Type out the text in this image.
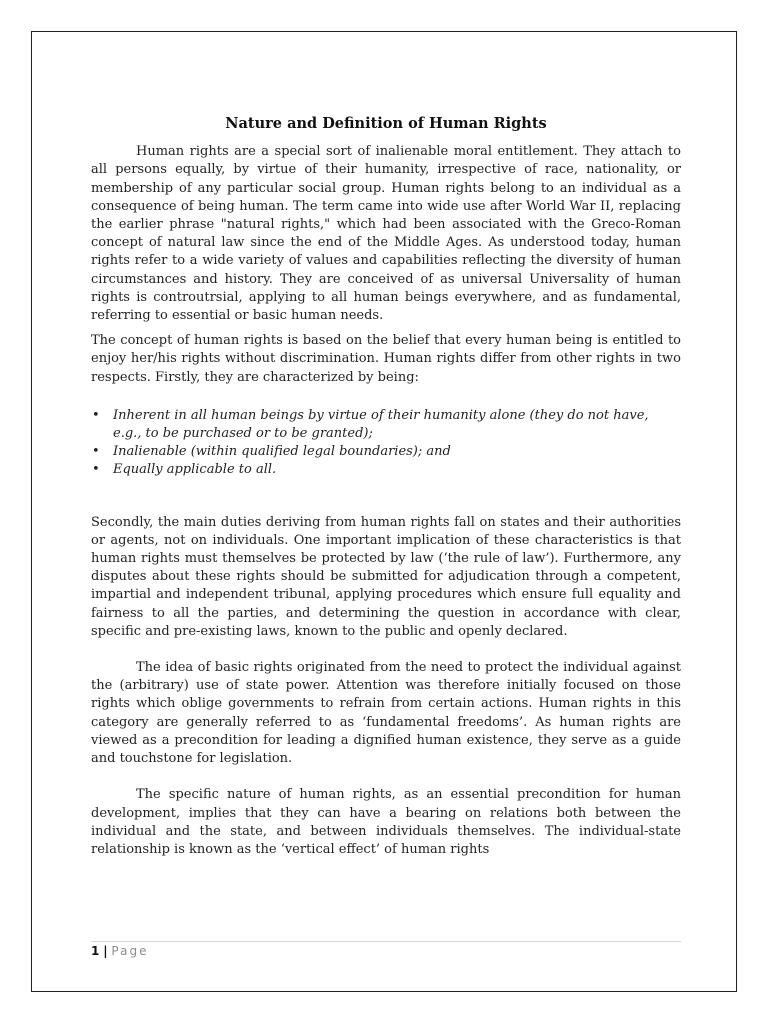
Nature and Definition of Human Rights

Human rights are a special sort of inalienable moral entitlement. They attach to all persons equally, by virtue of their humanity, irrespective of race, nationality, or membership of any particular social group. Human rights belong to an individual as a consequence of being human. The term came into wide use after World War II, replacing the earlier phrase "natural rights," which had been associated with the Greco-Roman concept of natural law since the end of the Middle Ages. As understood today, human rights refer to a wide variety of values and capabilities reflecting the diversity of human circumstances and history. They are conceived of as universal Universality of human rights is controutrsial, applying to all human beings everywhere, and as fundamental, referring to essential or basic human needs.

The concept of human rights is based on the belief that every human being is entitled to enjoy her/his rights without discrimination. Human rights differ from other rights in two respects. Firstly, they are characterized by being:

• Inherent in all human beings by virtue of their humanity alone (they do not have, e.g., to be purchased or to be granted);
• Inalienable (within qualified legal boundaries); and
• Equally applicable to all.

Secondly, the main duties deriving from human rights fall on states and their authorities or agents, not on individuals. One important implication of these characteristics is that human rights must themselves be protected by law (‘the rule of law’). Furthermore, any disputes about these rights should be submitted for adjudication through a competent, impartial and independent tribunal, applying procedures which ensure full equality and fairness to all the parties, and determining the question in accordance with clear, specific and pre-existing laws, known to the public and openly declared.

The idea of basic rights originated from the need to protect the individual against the (arbitrary) use of state power. Attention was therefore initially focused on those rights which oblige governments to refrain from certain actions. Human rights in this category are generally referred to as ‘fundamental freedoms’. As human rights are viewed as a precondition for leading a dignified human existence, they serve as a guide and touchstone for legislation.

The specific nature of human rights, as an essential precondition for human development, implies that they can have a bearing on relations both between the individual and the state, and between individuals themselves. The individual-state relationship is known as the ‘vertical effect’ of human rights

1 | Page
